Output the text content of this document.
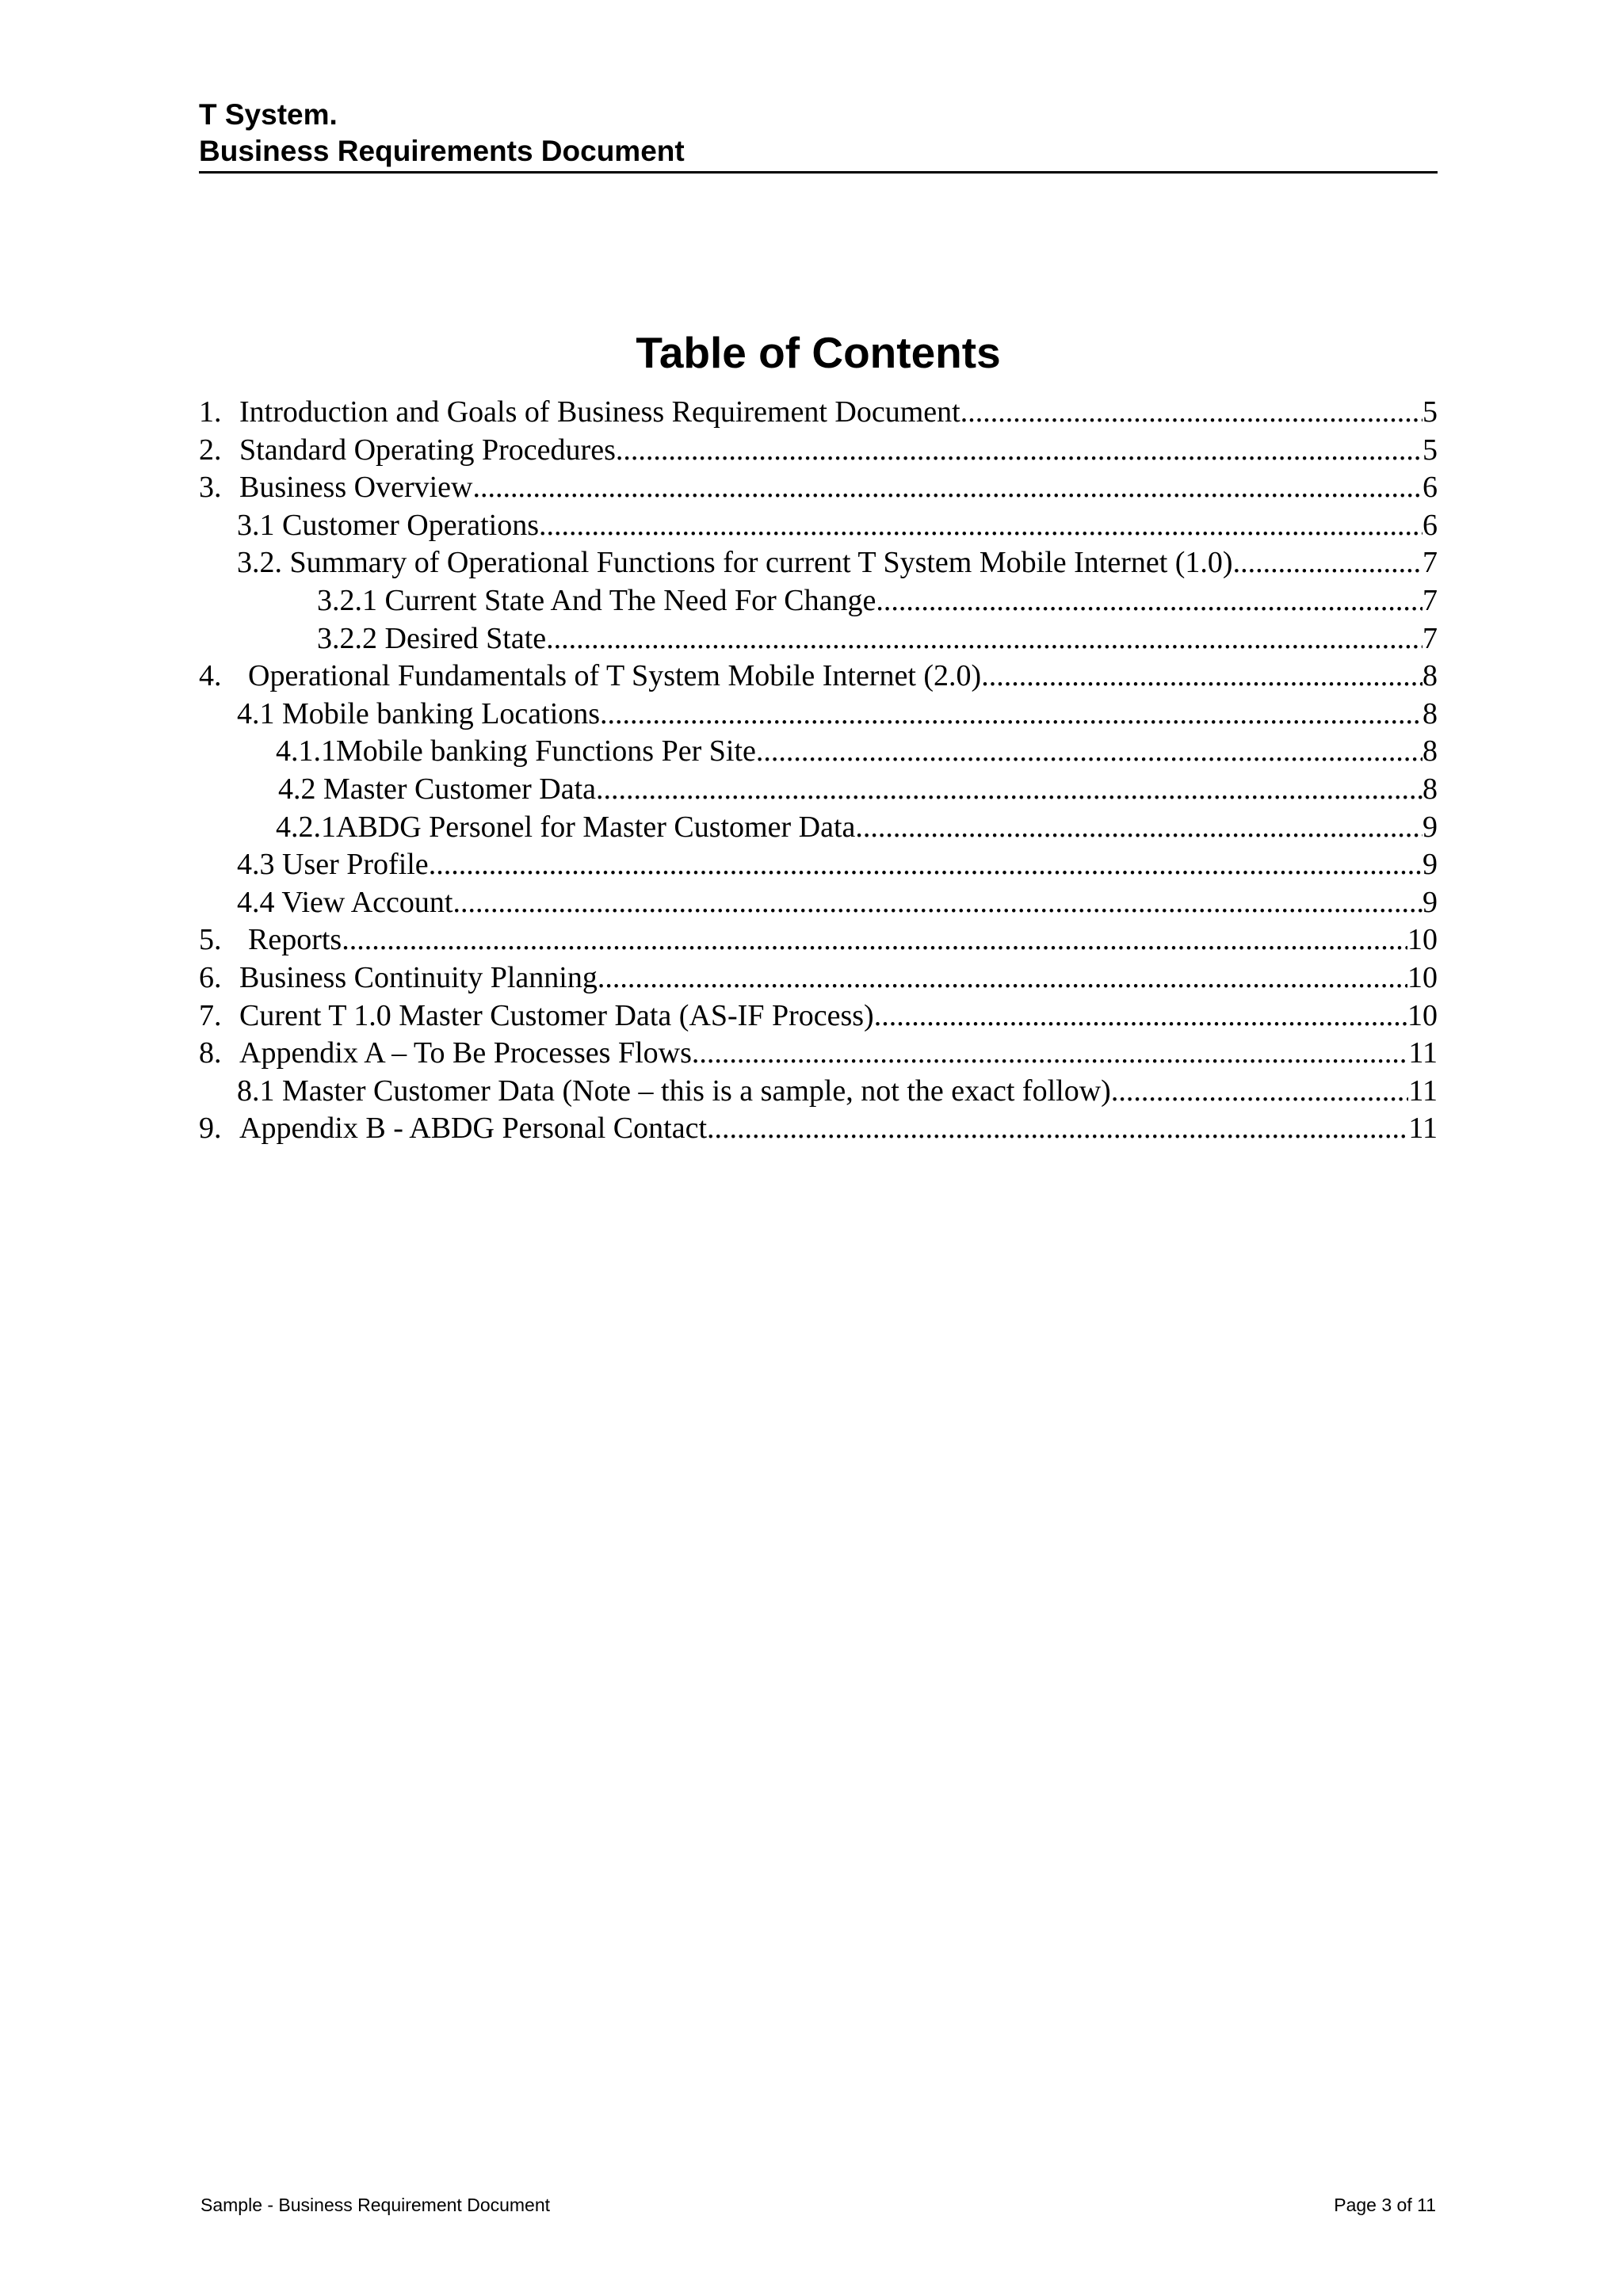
T System.
Business Requirements Document
Table of Contents
1. Introduction and Goals of Business Requirement Document .....	5
2. Standard Operating Procedures .....	5
3. Business Overview .....	6
3.1 Customer Operations .....	6
3.2. Summary of Operational Functions for current T System Mobile Internet (1.0) .....	7
3.2.1 Current State And The Need For Change .....	7
3.2.2 Desired State .....	7
4. Operational Fundamentals of T System Mobile Internet (2.0) .....	8
4.1 Mobile banking Locations .....	8
4.1.1Mobile banking Functions Per Site .....	8
4.2 Master Customer Data .....	8
4.2.1ABDG Personel for Master Customer Data .....	9
4.3 User Profile .....	9
4.4 View Account .....	9
5. Reports .....	10
6. Business Continuity Planning .....	10
7. Curent T 1.0 Master Customer Data (AS-IF Process) .....	10
8. Appendix A – To Be Processes Flows .....	11
8.1 Master Customer Data (Note – this is a sample, not the exact follow) .....	11
9. Appendix B - ABDG Personal Contact .....	11
Sample - Business Requirement Document	Page 3 of 11
